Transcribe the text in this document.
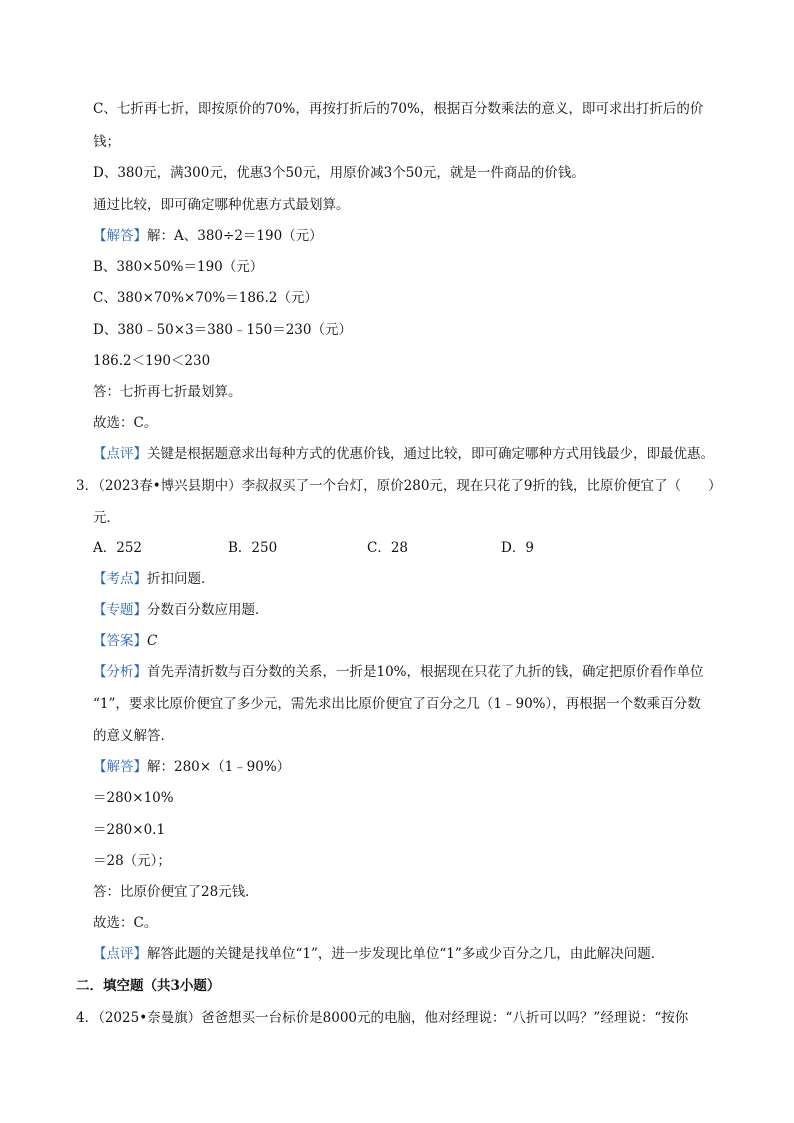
C、七折再七折，即按原价的70%，再按打折后的70%，根据百分数乘法的意义，即可求出打折后的价
钱；
D、380元，满300元，优惠3个50元，用原价减3个50元，就是一件商品的价钱。
通过比较，即可确定哪种优惠方式最划算。
【解答】解：A、380÷2＝190（元）
B、380×50%＝190（元）
C、380×70%×70%＝186.2（元）
D、380﹣50×3＝380﹣150＝230（元）
186.2＜190＜230
答：七折再七折最划算。
故选：C。
【点评】关键是根据题意求出每种方式的优惠价钱，通过比较，即可确定哪种方式用钱最少，即最优惠。
3．（2023春•博兴县期中）李叔叔买了一个台灯，原价280元，现在只花了9折的钱，比原价便宜了（　　）
元．
A．252	B．250	C．28	D．9
【考点】折扣问题．
【专题】分数百分数应用题．
【答案】C
【分析】首先弄清折数与百分数的关系，一折是10%，根据现在只花了九折的钱，确定把原价看作单位
“1”，要求比原价便宜了多少元，需先求出比原价便宜了百分之几（1﹣90%），再根据一个数乘百分数
的意义解答．
【解答】解：280×（1﹣90%）
＝280×10%
＝280×0.1
＝28（元）；
答：比原价便宜了28元钱．
故选：C。
【点评】解答此题的关键是找单位“1”，进一步发现比单位“1”多或少百分之几，由此解决问题．
二．填空题（共3小题）
4．（2025•奈曼旗）爸爸想买一台标价是8000元的电脑，他对经理说：“八折可以吗？”经理说：“按你
